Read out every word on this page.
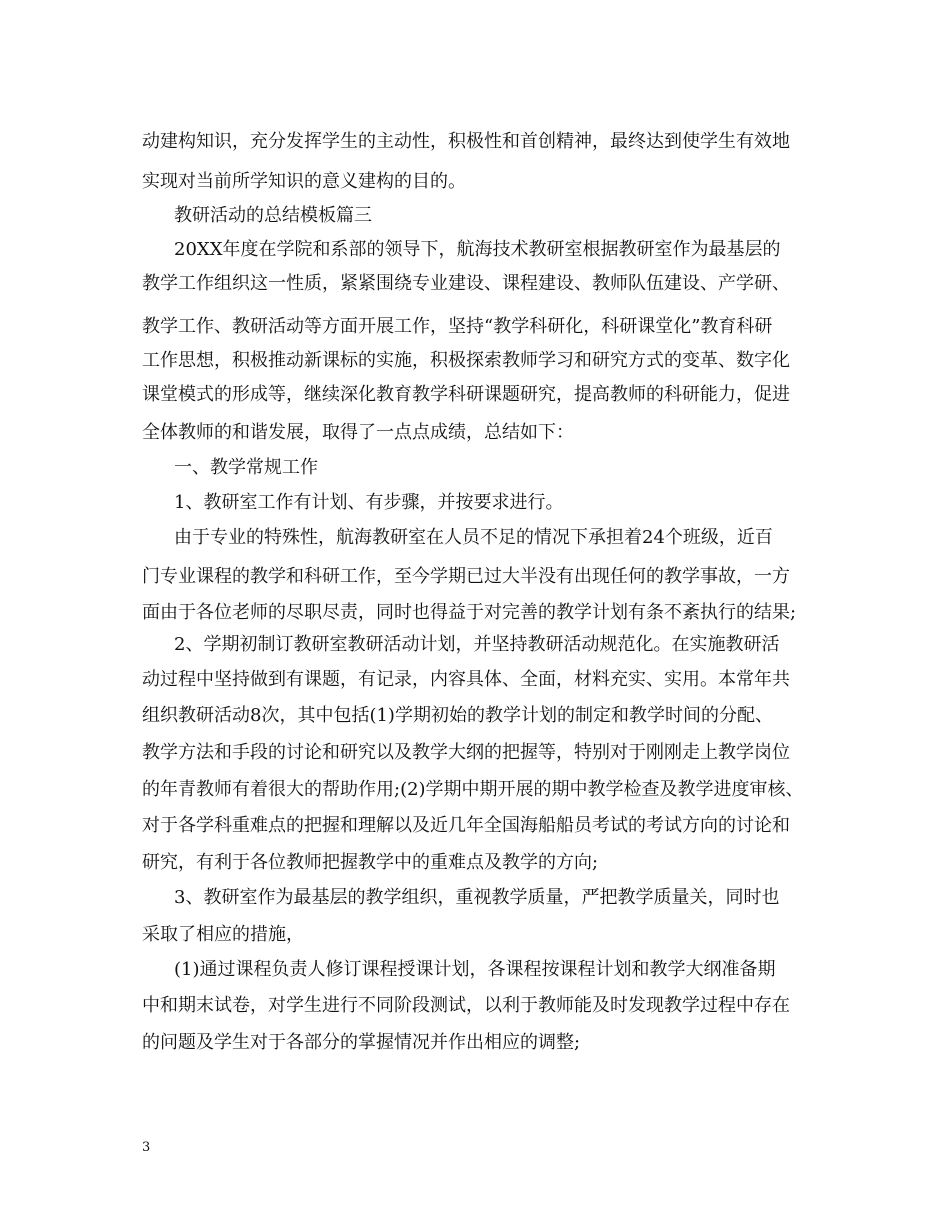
动建构知识，充分发挥学生的主动性，积极性和首创精神，最终达到使学生有效地
实现对当前所学知识的意义建构的目的。
教研活动的总结模板篇三
20XX年度在学院和系部的领导下，航海技术教研室根据教研室作为最基层的
教学工作组织这一性质，紧紧围绕专业建设、课程建设、教师队伍建设、产学研、
教学工作、教研活动等方面开展工作，坚持“教学科研化，科研课堂化”教育科研
工作思想，积极推动新课标的实施，积极探索教师学习和研究方式的变革、数字化
课堂模式的形成等，继续深化教育教学科研课题研究，提高教师的科研能力，促进
全体教师的和谐发展，取得了一点点成绩，总结如下：
一、教学常规工作
1、教研室工作有计划、有步骤，并按要求进行。
由于专业的特殊性，航海教研室在人员不足的情况下承担着24个班级，近百
门专业课程的教学和科研工作，至今学期已过大半没有出现任何的教学事故，一方
面由于各位老师的尽职尽责，同时也得益于对完善的教学计划有条不紊执行的结果;
2、学期初制订教研室教研活动计划，并坚持教研活动规范化。在实施教研活
动过程中坚持做到有课题，有记录，内容具体、全面，材料充实、实用。本常年共
组织教研活动8次，其中包括(1)学期初始的教学计划的制定和教学时间的分配、
教学方法和手段的讨论和研究以及教学大纲的把握等，特别对于刚刚走上教学岗位
的年青教师有着很大的帮助作用;(2)学期中期开展的期中教学检查及教学进度审核、
对于各学科重难点的把握和理解以及近几年全国海船船员考试的考试方向的讨论和
研究，有利于各位教师把握教学中的重难点及教学的方向;
3、教研室作为最基层的教学组织，重视教学质量，严把教学质量关，同时也
采取了相应的措施，
(1)通过课程负责人修订课程授课计划，各课程按课程计划和教学大纲准备期
中和期末试卷，对学生进行不同阶段测试，以利于教师能及时发现教学过程中存在
的问题及学生对于各部分的掌握情况并作出相应的调整;
3
